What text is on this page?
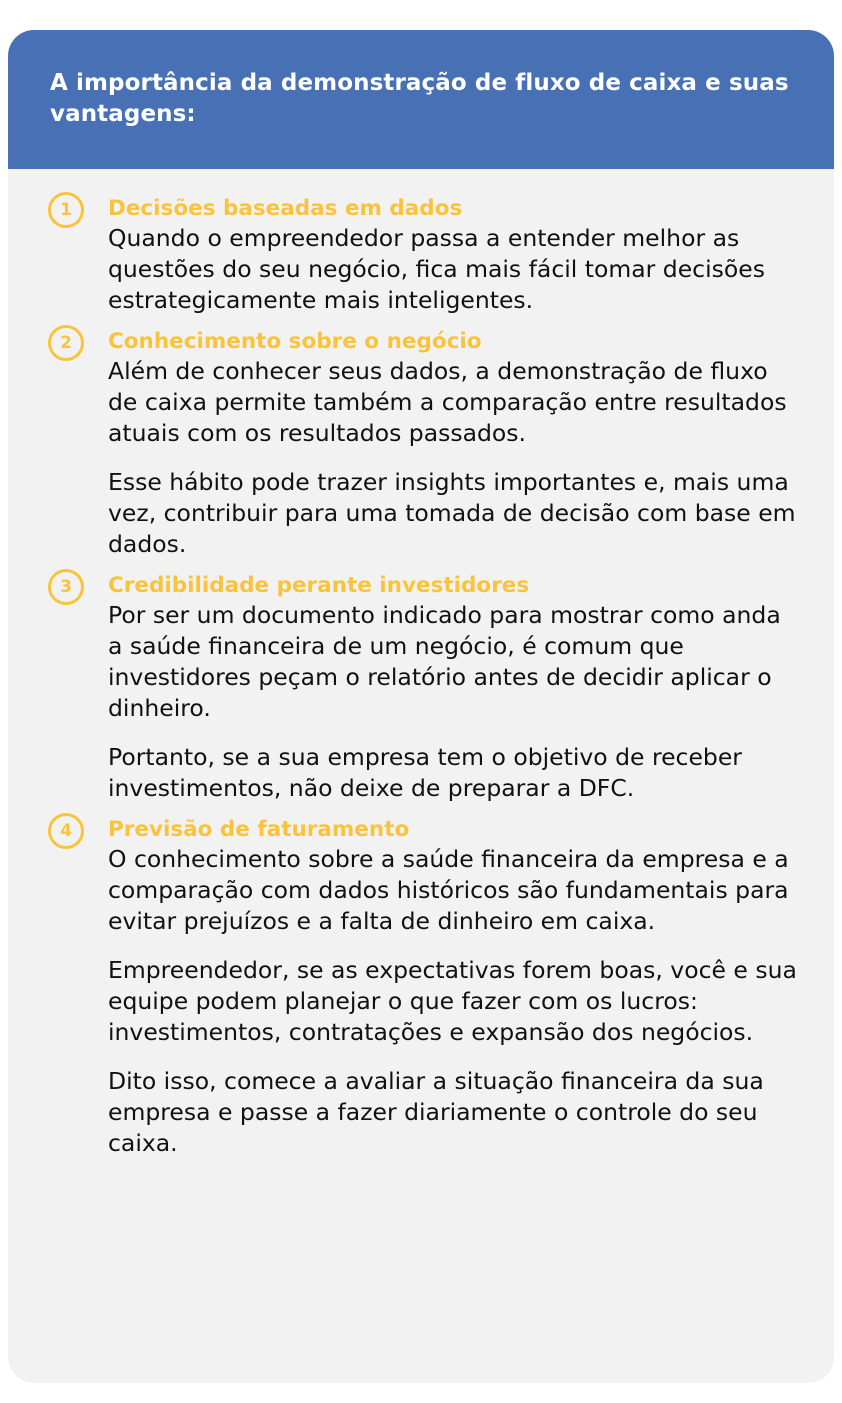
A importância da demonstração de fluxo de caixa e suas vantagens:
1	Decisões baseadas em dados

Quando o empreendedor passa a entender melhor as questões do seu negócio, fica mais fácil tomar decisões estrategicamente mais inteligentes.

2	Conhecimento sobre o negócio

Além de conhecer seus dados, a demonstração de fluxo de caixa permite também a comparação entre resultados atuais com os resultados passados.

Esse hábito pode trazer insights importantes e, mais uma vez, contribuir para uma tomada de decisão com base em dados.

3	Credibilidade perante investidores

Por ser um documento indicado para mostrar como anda a saúde financeira de um negócio, é comum que investidores peçam o relatório antes de decidir aplicar o dinheiro.

Portanto, se a sua empresa tem o objetivo de receber investimentos, não deixe de preparar a DFC.

4	Previsão de faturamento

O conhecimento sobre a saúde financeira da empresa e a comparação com dados históricos são fundamentais para evitar prejuízos e a falta de dinheiro em caixa.

Empreendedor, se as expectativas forem boas, você e sua equipe podem planejar o que fazer com os lucros: investimentos, contratações e expansão dos negócios.

Dito isso, comece a avaliar a situação financeira da sua empresa e passe a fazer diariamente o controle do seu caixa.
